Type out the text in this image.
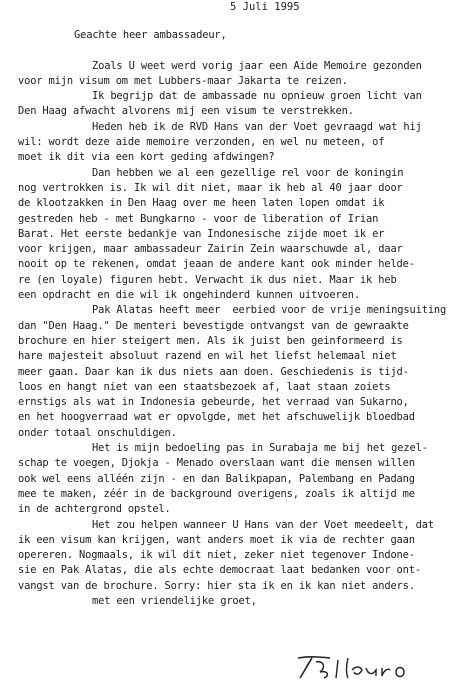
5 Juli 1995
Geachte heer ambassadeur,
Zoals U weet werd vorig jaar een Aide Memoire gezonden
voor mijn visum om met Lubbers-maar Jakarta te reizen.
Ik begrijp dat de ambassade nu opnieuw groen licht van
Den Haag afwacht alvorens mij een visum te verstrekken.
Heden heb ik de RVD Hans van der Voet gevraagd wat hij
wil: wordt deze aide memoire verzonden, en wel nu meteen, of
moet ik dit via een kort geding afdwingen?
Dan hebben we al een gezellige rel voor de koningin
nog vertrokken is. Ik wil dit niet, maar ik heb al 40 jaar door
de klootzakken in Den Haag over me heen laten lopen omdat ik
gestreden heb - met Bungkarno - voor de liberation of Irian
Barat. Het eerste bedankje van Indonesische zijde moet ik er
voor krijgen, maar ambassadeur Zairin Zein waarschuwde al, daar
nooit op te rekenen, omdat jeaan de andere kant ook minder helde-
re (en loyale) figuren hebt. Verwacht ik dus niet. Maar ik heb
een opdracht en die wil ik ongehinderd kunnen uitvoeren.
Pak Alatas heeft meer  eerbied voor de vrije meningsuiting
dan "Den Haag." De menteri bevestigde ontvangst van de gewraakte
brochure en hier steigert men. Als ik juist ben geinformeerd is
hare majesteit absoluut razend en wil het liefst helemaal niet
meer gaan. Daar kan ik dus niets aan doen. Geschiedenis is tijd-
loos en hangt niet van een staatsbezoek af, laat staan zoiets
ernstigs als wat in Indonesia gebeurde, het verraad van Sukarno,
en het hoogverraad wat er opvolgde, met het afschuwelijk bloedbad
onder totaal onschuldigen.
Het is mijn bedoeling pas in Surabaja me bij het gezel-
schap te voegen, Djokja - Menado overslaan want die mensen willen
ook wel eens alléén zijn - en dan Balikpapan, Palembang en Padang
mee te maken, zéér in de background overigens, zoals ik altijd me
in de achtergrond opstel.
Het zou helpen wanneer U Hans van der Voet meedeelt, dat
ik een visum kan krijgen, want anders moet ik via de rechter gaan
opereren. Nogmaals, ik wil dit niet, zeker niet tegenover Indone-
sie en Pak Alatas, die als echte democraat laat bedanken voor ont-
vangst van de brochure. Sorry: hier sta ik en ik kan niet anders.
met een vriendelijke groet,
